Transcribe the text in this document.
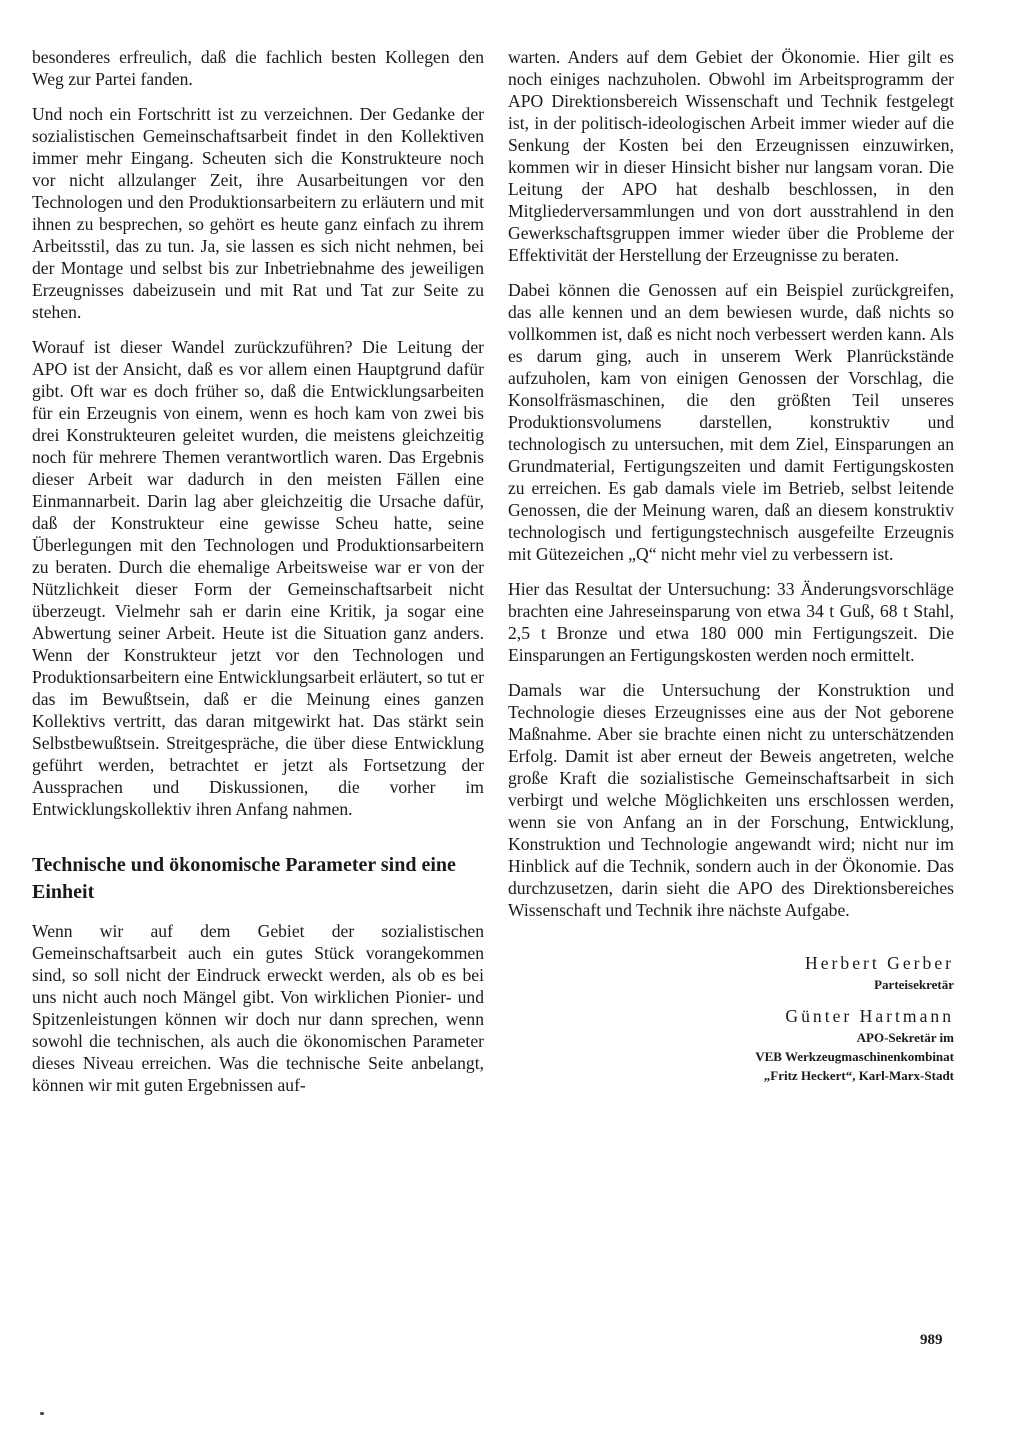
besonderes erfreulich, daß die fachlich besten Kollegen den Weg zur Partei fanden.

Und noch ein Fortschritt ist zu verzeichnen. Der Gedanke der sozialistischen Gemeinschaftsarbeit findet in den Kollektiven immer mehr Eingang. Scheuten sich die Konstrukteure noch vor nicht allzulanger Zeit, ihre Ausarbeitungen vor den Technologen und den Produktionsarbeitern zu erläutern und mit ihnen zu besprechen, so gehört es heute ganz einfach zu ihrem Arbeitsstil, das zu tun. Ja, sie lassen es sich nicht nehmen, bei der Montage und selbst bis zur Inbetriebnahme des jeweiligen Erzeugnisses dabeizusein und mit Rat und Tat zur Seite zu stehen.

Worauf ist dieser Wandel zurückzuführen? Die Leitung der APO ist der Ansicht, daß es vor allem einen Hauptgrund dafür gibt. Oft war es doch früher so, daß die Entwicklungsarbeiten für ein Erzeugnis von einem, wenn es hoch kam von zwei bis drei Konstrukteuren geleitet wurden, die meistens gleichzeitig noch für mehrere Themen verantwortlich waren. Das Ergebnis dieser Arbeit war dadurch in den meisten Fällen eine Einmannarbeit. Darin lag aber gleichzeitig die Ursache dafür, daß der Konstrukteur eine gewisse Scheu hatte, seine Überlegungen mit den Technologen und Produktionsarbeitern zu beraten. Durch die ehemalige Arbeitsweise war er von der Nützlichkeit dieser Form der Gemeinschaftsarbeit nicht überzeugt. Vielmehr sah er darin eine Kritik, ja sogar eine Abwertung seiner Arbeit. Heute ist die Situation ganz anders. Wenn der Konstrukteur jetzt vor den Technologen und Produktionsarbeitern eine Entwicklungsarbeit erläutert, so tut er das im Bewußtsein, daß er die Meinung eines ganzen Kollektivs vertritt, das daran mitgewirkt hat. Das stärkt sein Selbstbewußtsein. Streitgespräche, die über diese Entwicklung geführt werden, betrachtet er jetzt als Fortsetzung der Aussprachen und Diskussionen, die vorher im Entwicklungskollektiv ihren Anfang nahmen.

Technische und ökonomische Parameter sind eine Einheit

Wenn wir auf dem Gebiet der sozialistischen Gemeinschaftsarbeit auch ein gutes Stück vorangekommen sind, so soll nicht der Eindruck erweckt werden, als ob es bei uns nicht auch noch Mängel gibt. Von wirklichen Pionier- und Spitzenleistungen können wir doch nur dann sprechen, wenn sowohl die technischen, als auch die ökonomischen Parameter dieses Niveau erreichen. Was die technische Seite anbelangt, können wir mit guten Ergebnissen auf-

warten. Anders auf dem Gebiet der Ökonomie. Hier gilt es noch einiges nachzuholen. Obwohl im Arbeitsprogramm der APO Direktionsbereich Wissenschaft und Technik festgelegt ist, in der politisch-ideologischen Arbeit immer wieder auf die Senkung der Kosten bei den Erzeugnissen einzuwirken, kommen wir in dieser Hinsicht bisher nur langsam voran. Die Leitung der APO hat deshalb beschlossen, in den Mitgliederversammlungen und von dort ausstrahlend in den Gewerkschaftsgruppen immer wieder über die Probleme der Effektivität der Herstellung der Erzeugnisse zu beraten.

Dabei können die Genossen auf ein Beispiel zurückgreifen, das alle kennen und an dem bewiesen wurde, daß nichts so vollkommen ist, daß es nicht noch verbessert werden kann. Als es darum ging, auch in unserem Werk Planrückstände aufzuholen, kam von einigen Genossen der Vorschlag, die Konsolfräsmaschinen, die den größten Teil unseres Produktionsvolumens darstellen, konstruktiv und technologisch zu untersuchen, mit dem Ziel, Einsparungen an Grundmaterial, Fertigungszeiten und damit Fertigungskosten zu erreichen. Es gab damals viele im Betrieb, selbst leitende Genossen, die der Meinung waren, daß an diesem konstruktiv technologisch und fertigungstechnisch ausgefeilte Erzeugnis mit Gütezeichen „Q“ nicht mehr viel zu verbessern ist.

Hier das Resultat der Untersuchung: 33 Änderungsvorschläge brachten eine Jahreseinsparung von etwa 34 t Guß, 68 t Stahl, 2,5 t Bronze und etwa 180 000 min Fertigungszeit. Die Einsparungen an Fertigungskosten werden noch ermittelt.

Damals war die Untersuchung der Konstruktion und Technologie dieses Erzeugnisses eine aus der Not geborene Maßnahme. Aber sie brachte einen nicht zu unterschätzenden Erfolg. Damit ist aber erneut der Beweis angetreten, welche große Kraft die sozialistische Gemeinschaftsarbeit in sich verbirgt und welche Möglichkeiten uns erschlossen werden, wenn sie von Anfang an in der Forschung, Entwicklung, Konstruktion und Technologie angewandt wird; nicht nur im Hinblick auf die Technik, sondern auch in der Ökonomie. Das durchzusetzen, darin sieht die APO des Direktionsbereiches Wissenschaft und Technik ihre nächste Aufgabe.

Herbert Gerber
Parteisekretär
Günter Hartmann
APO-Sekretär im
VEB Werkzeugmaschinenkombinat
„Fritz Heckert“, Karl-Marx-Stadt
989
